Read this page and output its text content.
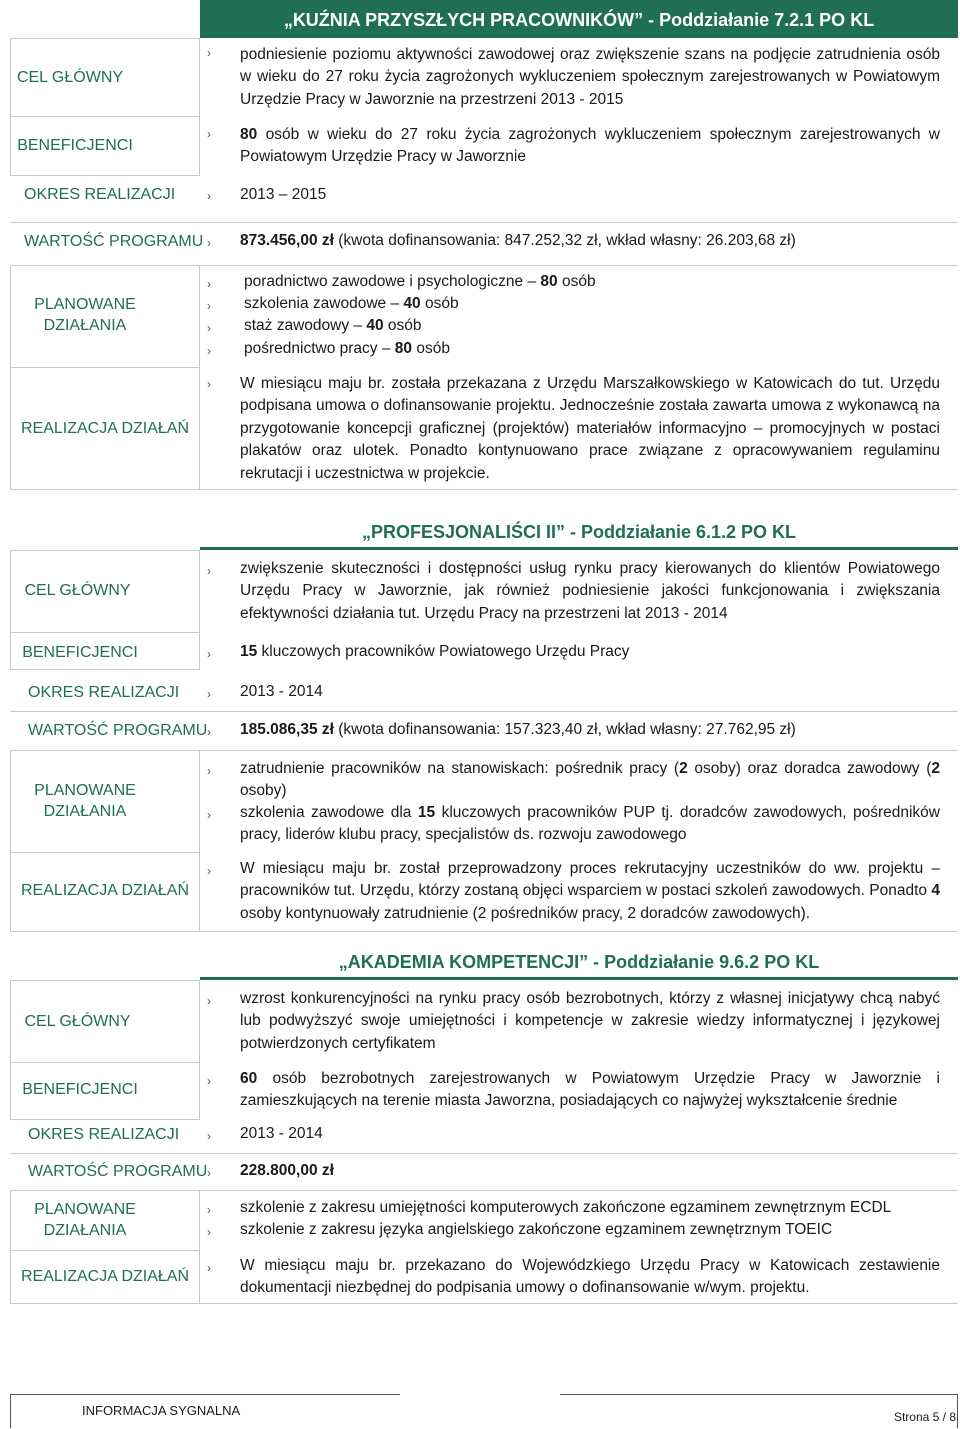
„KUŹNIA PRZYSZŁYCH PRACOWNIKÓW” - Poddziałanie 7.2.1 PO KL
CEL GŁÓWNY
BENEFICJENCI
OKRES REALIZACJI
WARTOŚĆ PROGRAMU
PLANOWANE
DZIAŁANIA
REALIZACJA DZIAŁAŃ
› podniesienie poziomu aktywności zawodowej oraz zwiększenie szans na podjęcie zatrudnienia osób w wieku do 27 roku życia zagrożonych wykluczeniem społecznym zarejestrowanych w Powiatowym Urzędzie Pracy w Jaworznie na przestrzeni 2013 - 2015
› 80 osób w wieku do 27 roku życia zagrożonych wykluczeniem społecznym zarejestrowanych w Powiatowym Urzędzie Pracy w Jaworznie
› 2013 – 2015
› 873.456,00 zł (kwota dofinansowania: 847.252,32 zł, wkład własny: 26.203,68 zł)
› poradnictwo zawodowe i psychologiczne – 80 osób
› szkolenia zawodowe – 40 osób
› staż zawodowy – 40 osób
› pośrednictwo pracy – 80 osób
› W miesiącu maju br. została przekazana z Urzędu Marszałkowskiego w Katowicach do tut. Urzędu podpisana umowa o dofinansowanie projektu. Jednocześnie została zawarta umowa z wykonawcą na przygotowanie koncepcji graficznej (projektów) materiałów informacyjno – promocyjnych w postaci plakatów oraz ulotek. Ponadto kontynuowano prace związane z opracowywaniem regulaminu rekrutacji i uczestnictwa w projekcie.
„PROFESJONALIŚCI II” - Poddziałanie 6.1.2 PO KL
CEL GŁÓWNY
BENEFICJENCI
OKRES REALIZACJI
WARTOŚĆ PROGRAMU
PLANOWANE
DZIAŁANIA
REALIZACJA DZIAŁAŃ
› zwiększenie skuteczności i dostępności usług rynku pracy kierowanych do klientów Powiatowego Urzędu Pracy w Jaworznie, jak również podniesienie jakości funkcjonowania i zwiększania efektywności działania tut. Urzędu Pracy na przestrzeni lat 2013 - 2014
› 15 kluczowych pracowników Powiatowego Urzędu Pracy
› 2013 - 2014
› 185.086,35 zł (kwota dofinansowania: 157.323,40 zł, wkład własny: 27.762,95 zł)
› zatrudnienie pracowników na stanowiskach: pośrednik pracy (2 osoby) oraz doradca zawodowy (2 osoby)
› szkolenia zawodowe dla 15 kluczowych pracowników PUP tj. doradców zawodowych, pośredników pracy, liderów klubu pracy, specjalistów ds. rozwoju zawodowego
› W miesiącu maju br. został przeprowadzony proces rekrutacyjny uczestników do ww. projektu – pracowników tut. Urzędu, którzy zostaną objęci wsparciem w postaci szkoleń zawodowych. Ponadto 4 osoby kontynuowały zatrudnienie (2 pośredników pracy, 2 doradców zawodowych).
„AKADEMIA KOMPETENCJI” - Poddziałanie 9.6.2 PO KL
CEL GŁÓWNY
BENEFICJENCI
OKRES REALIZACJI
WARTOŚĆ PROGRAMU
PLANOWANE
DZIAŁANIA
REALIZACJA DZIAŁAŃ
› wzrost konkurencyjności na rynku pracy osób bezrobotnych, którzy z własnej inicjatywy chcą nabyć lub podwyższyć swoje umiejętności i kompetencje w zakresie wiedzy informatycznej i językowej potwierdzonych certyfikatem
› 60 osób bezrobotnych zarejestrowanych w Powiatowym Urzędzie Pracy w Jaworznie i zamieszkujących na terenie miasta Jaworzna, posiadających co najwyżej wykształcenie średnie
› 2013 - 2014
› 228.800,00 zł
› szkolenie z zakresu umiejętności komputerowych zakończone egzaminem zewnętrznym ECDL
› szkolenie z zakresu języka angielskiego zakończone egzaminem zewnętrznym TOEIC
› W miesiącu maju br. przekazano do Wojewódzkiego Urzędu Pracy w Katowicach zestawienie dokumentacji niezbędnej do podpisania umowy o dofinansowanie w/wym. projektu.
INFORMACJA SYGNALNA	Strona 5 / 8
